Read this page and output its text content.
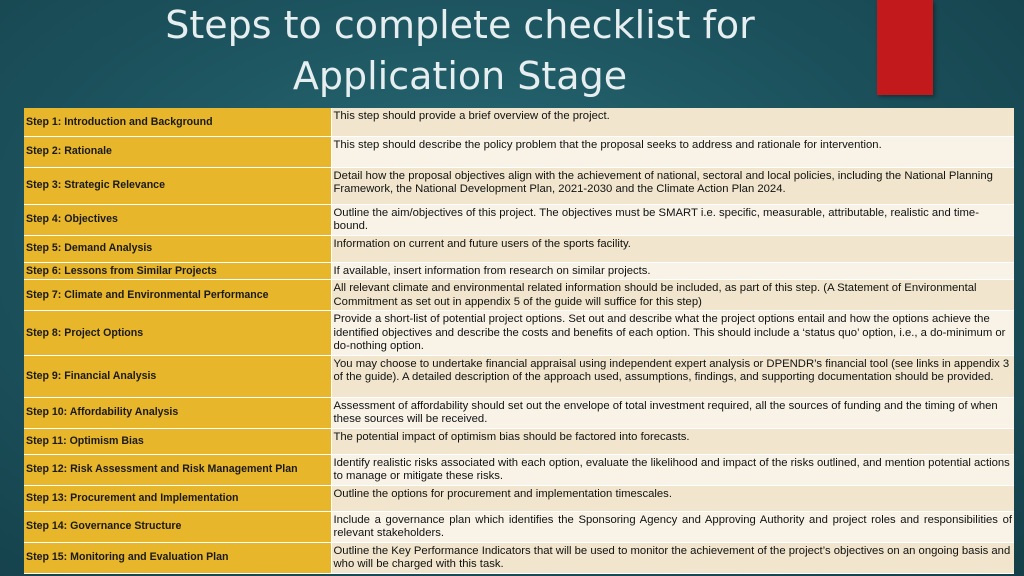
Steps to complete checklist for
Application Stage
Step 1: Introduction and Background	This step should provide a brief overview of the project.
Step 2: Rationale	This step should describe the policy problem that the proposal seeks to address and rationale for intervention.
Step 3: Strategic Relevance	Detail how the proposal objectives align with the achievement of national, sectoral and local policies, including the National Planning Framework, the National Development Plan, 2021-2030 and the Climate Action Plan 2024.
Step 4: Objectives	Outline the aim/objectives of this project. The objectives must be SMART i.e. specific, measurable, attributable, realistic and time-bound.
Step 5: Demand Analysis	Information on current and future users of the sports facility.
Step 6: Lessons from Similar Projects	If available, insert information from research on similar projects.
Step 7: Climate and Environmental Performance	All relevant climate and environmental related information should be included, as part of this step. (A Statement of Environmental Commitment as set out in appendix 5 of the guide will suffice for this step)
Step 8: Project Options	Provide a short-list of potential project options. Set out and describe what the project options entail and how the options achieve the identified objectives and describe the costs and benefits of each option. This should include a ‘status quo’ option, i.e., a do-minimum or do-nothing option.
Step 9: Financial Analysis	You may choose to undertake financial appraisal using independent expert analysis or DPENDR’s financial tool (see links in appendix 3 of the guide). A detailed description of the approach used, assumptions, findings, and supporting documentation should be provided.
Step 10: Affordability Analysis	Assessment of affordability should set out the envelope of total investment required, all the sources of funding and the timing of when these sources will be received.
Step 11: Optimism Bias	The potential impact of optimism bias should be factored into forecasts.
Step 12: Risk Assessment and Risk Management Plan	Identify realistic risks associated with each option, evaluate the likelihood and impact of the risks outlined, and mention potential actions to manage or mitigate these risks.
Step 13: Procurement and Implementation	Outline the options for procurement and implementation timescales.
Step 14: Governance Structure	Include a governance plan which identifies the Sponsoring Agency and Approving Authority and project roles and responsibilities of relevant stakeholders.
Step 15: Monitoring and Evaluation Plan	Outline the Key Performance Indicators that will be used to monitor the achievement of the project’s objectives on an ongoing basis and who will be charged with this task.
